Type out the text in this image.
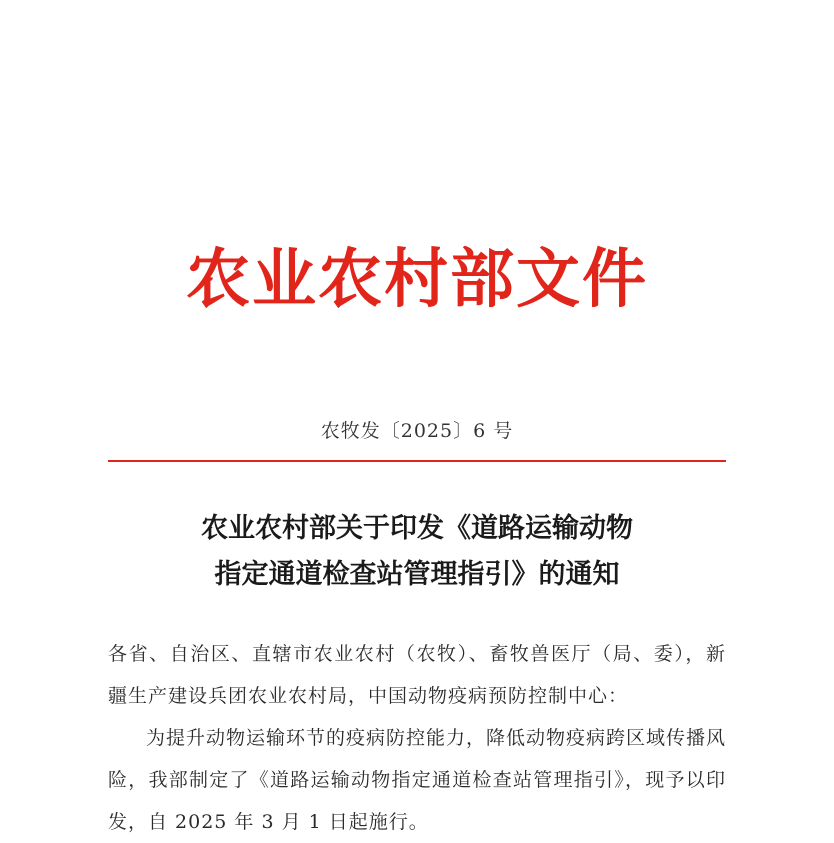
农业农村部文件
农牧发〔2025〕6 号
农业农村部关于印发《道路运输动物
指定通道检查站管理指引》的通知

各省、自治区、直辖市农业农村（农牧）、畜牧兽医厅（局、委），新疆生产建设兵团农业农村局，中国动物疫病预防控制中心：

为提升动物运输环节的疫病防控能力，降低动物疫病跨区域传播风险，我部制定了《道路运输动物指定通道检查站管理指引》，现予以印发，自 2025 年 3 月 1 日起施行。
